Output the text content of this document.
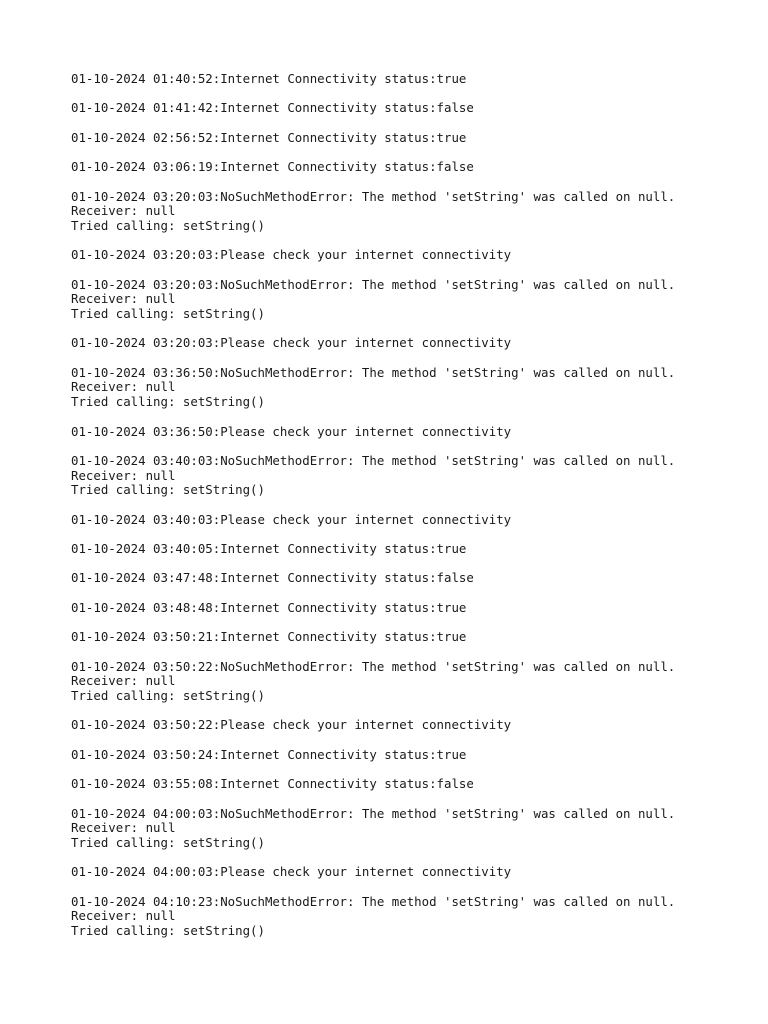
01-10-2024 01:40:52:Internet Connectivity status:true
01-10-2024 01:41:42:Internet Connectivity status:false
01-10-2024 02:56:52:Internet Connectivity status:true
01-10-2024 03:06:19:Internet Connectivity status:false
01-10-2024 03:20:03:NoSuchMethodError: The method 'setString' was called on null.
Receiver: null
Tried calling: setString()
01-10-2024 03:20:03:Please check your internet connectivity
01-10-2024 03:20:03:NoSuchMethodError: The method 'setString' was called on null.
Receiver: null
Tried calling: setString()
01-10-2024 03:20:03:Please check your internet connectivity
01-10-2024 03:36:50:NoSuchMethodError: The method 'setString' was called on null.
Receiver: null
Tried calling: setString()
01-10-2024 03:36:50:Please check your internet connectivity
01-10-2024 03:40:03:NoSuchMethodError: The method 'setString' was called on null.
Receiver: null
Tried calling: setString()
01-10-2024 03:40:03:Please check your internet connectivity
01-10-2024 03:40:05:Internet Connectivity status:true
01-10-2024 03:47:48:Internet Connectivity status:false
01-10-2024 03:48:48:Internet Connectivity status:true
01-10-2024 03:50:21:Internet Connectivity status:true
01-10-2024 03:50:22:NoSuchMethodError: The method 'setString' was called on null.
Receiver: null
Tried calling: setString()
01-10-2024 03:50:22:Please check your internet connectivity
01-10-2024 03:50:24:Internet Connectivity status:true
01-10-2024 03:55:08:Internet Connectivity status:false
01-10-2024 04:00:03:NoSuchMethodError: The method 'setString' was called on null.
Receiver: null
Tried calling: setString()
01-10-2024 04:00:03:Please check your internet connectivity
01-10-2024 04:10:23:NoSuchMethodError: The method 'setString' was called on null.
Receiver: null
Tried calling: setString()
